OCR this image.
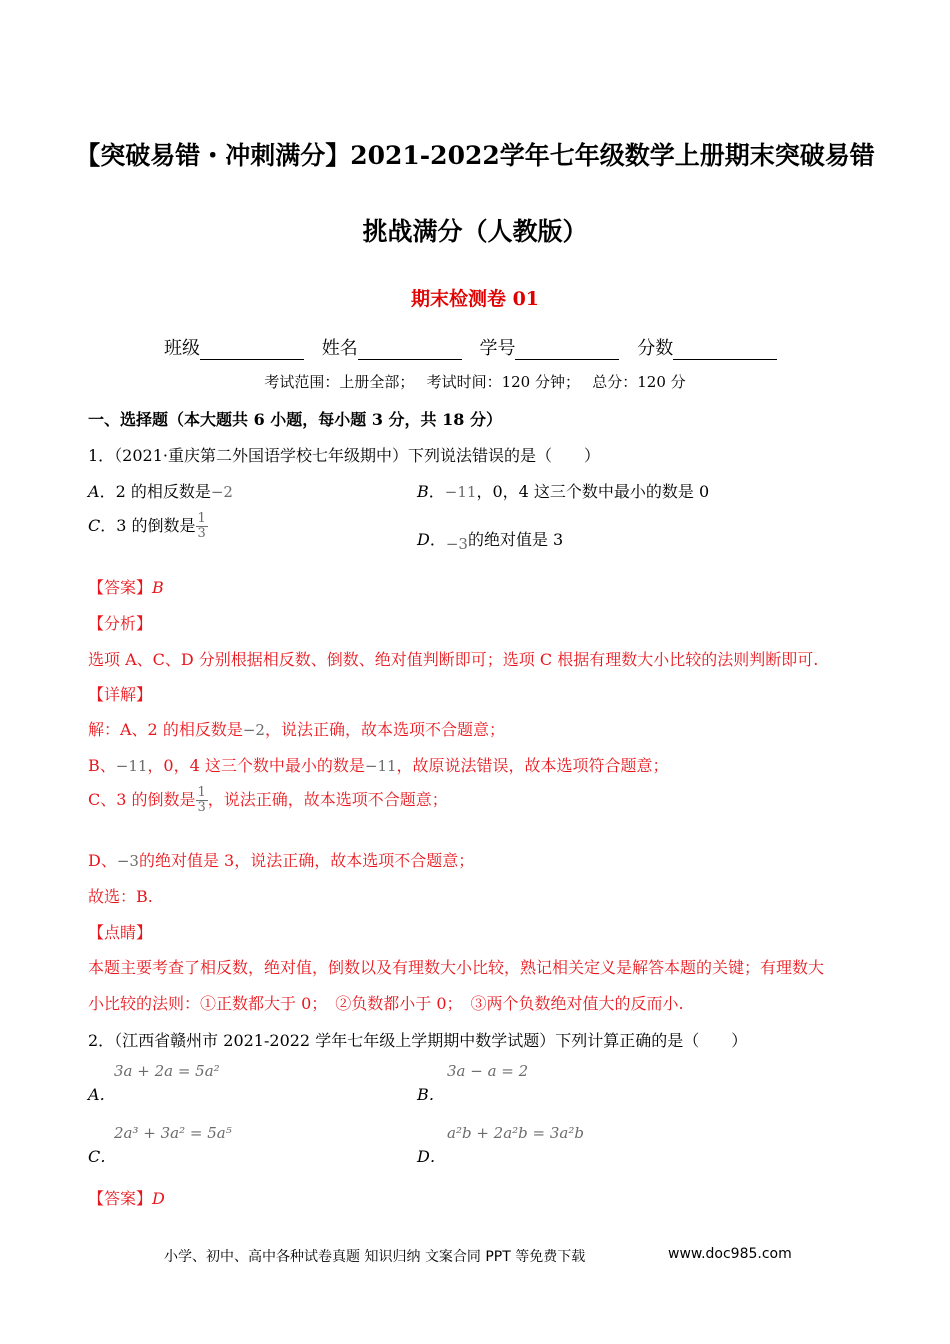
【突破易错・冲刺满分】2021-2022学年七年级数学上册期末突破易错
挑战满分（人教版）
期末检测卷 01
班级	姓名	学号	分数
考试范围：上册全部；　 考试时间：120 分钟；　 总分：120 分
一、选择题（本大题共 6 小题，每小题 3 分，共 18 分）
1．（2021·重庆第二外国语学校七年级期中）下列说法错误的是（　　）
A．2 的相反数是−2	B．−11，0，4 这三个数中最小的数是 0
C．3 的倒数是 $\frac{1}{3}$	D．−3的绝对值是 3
【答案】B
【分析】
选项 A、C、D 分别根据相反数、倒数、绝对值判断即可；选项 C 根据有理数大小比较的法则判断即可.
【详解】
解：A、2 的相反数是−2，说法正确，故本选项不合题意；
B、−11，0，4 这三个数中最小的数是−11，故原说法错误，故本选项符合题意；
C、3 的倒数是 $\frac{1}{3}$ ，说法正确，故本选项不合题意；
D、−3的绝对值是 3，说法正确，故本选项不合题意；
故选：B.
【点睛】
本题主要考查了相反数，绝对值，倒数以及有理数大小比较，熟记相关定义是解答本题的关键；有理数大
小比较的法则：①正数都大于 0；　②负数都小于 0；　③两个负数绝对值大的反而小.
2．（江西省赣州市 2021-2022 学年七年级上学期期中数学试题）下列计算正确的是（　　）
3a + 2a = 5a²
A．
3a − a = 2
B．
2a³ + 3a² = 5a⁵
C．
a²b + 2a²b = 3a²b
D．
【答案】D
小学、初中、高中各种试卷真题 知识归纳 文案合同 PPT 等免费下载	www.doc985.com
